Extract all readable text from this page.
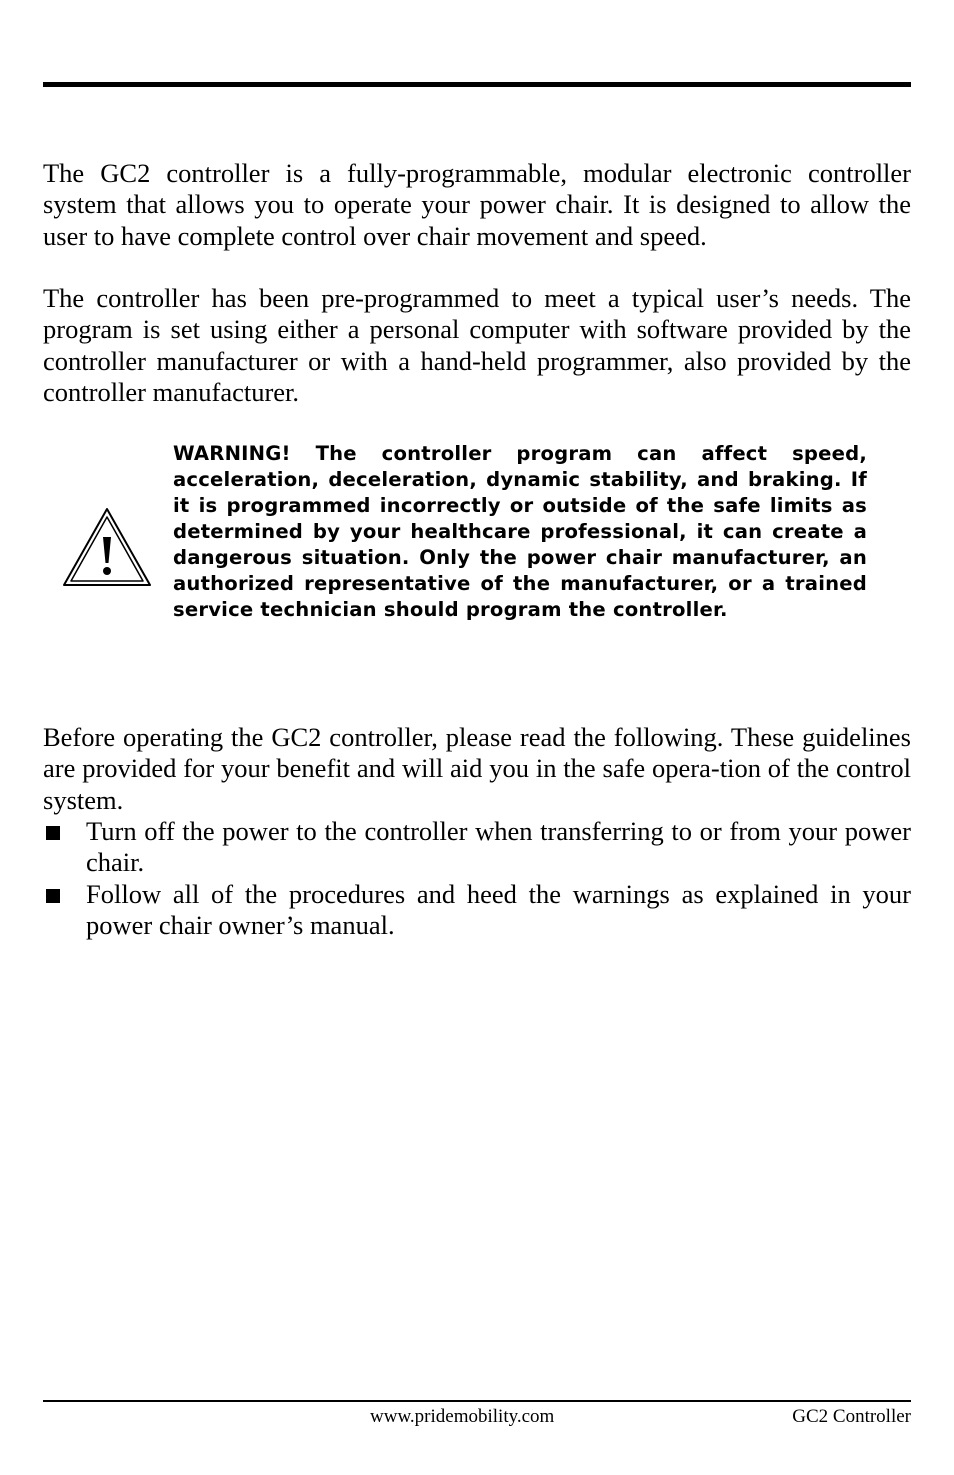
The GC2 controller is a fully-programmable, modular electronic controller system that allows you to operate your power chair. It is designed to allow the user to have complete control over chair movement and speed.

The controller has been pre-programmed to meet a typical user’s needs. The program is set using either a personal computer with software provided by the controller manufacturer or with a hand-held programmer, also provided by the controller manufacturer.

WARNING! The controller program can affect speed, acceleration, deceleration, dynamic stability, and braking. If it is programmed incorrectly or outside of the safe limits as determined by your healthcare professional, it can create a dangerous situation. Only the power chair manufacturer, an authorized representative of the manufacturer, or a trained service technician should program the controller.

Before operating the GC2 controller, please read the following. These guidelines are provided for your benefit and will aid you in the safe opera-tion of the control system.

Turn off the power to the controller when transferring to or from your power chair.
Follow all of the procedures and heed the warnings as explained in your power chair owner’s manual.
www.pridemobility.com	GC2 Controller
